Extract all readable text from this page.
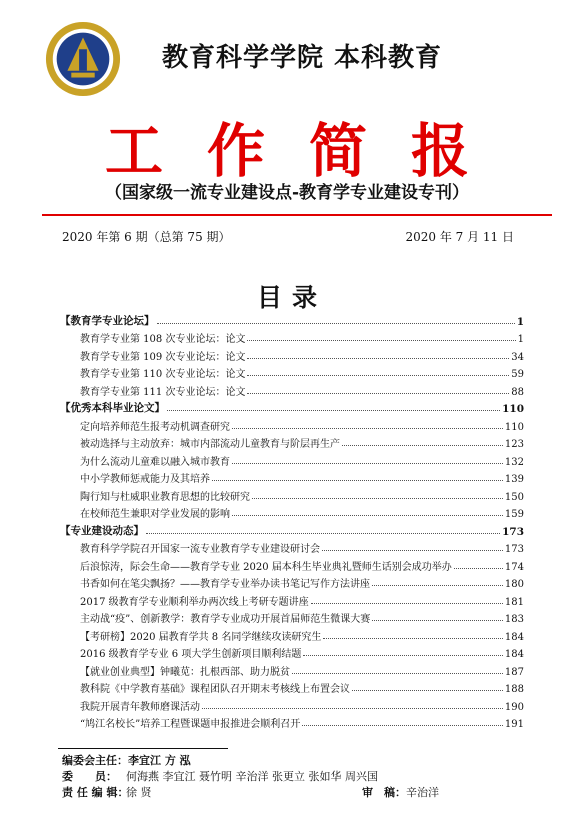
教育科学学院 本科教育
工作简报
（国家级一流专业建设点-教育学专业建设专刊）
2020 年第 6 期（总第 75 期）	2020 年 7 月 11 日
目录
【教育学专业论坛】	1
教育学专业第 108 次专业论坛：论文	1
教育学专业第 109 次专业论坛：论文	34
教育学专业第 110 次专业论坛：论文	59
教育学专业第 111 次专业论坛：论文	88
【优秀本科毕业论文】	110
定向培养师范生报考动机调查研究	110
被动选择与主动放弃：城市内部流动儿童教育与阶层再生产	123
为什么流动儿童难以融入城市教育	132
中小学教师惩戒能力及其培养	139
陶行知与杜威职业教育思想的比较研究	150
在校师范生兼职对学业发展的影响	159
【专业建设动态】	173
教育科学学院召开国家一流专业教育学专业建设研讨会	173
后浪惊涛，际会生命——教育学专业 2020 届本科生毕业典礼暨师生话别会成功举办	174
书香如何在笔尖飘扬？——教育学专业举办读书笔记写作方法讲座	180
2017 级教育学专业顺利举办两次线上考研专题讲座	181
主动战“疫”、创新教学：教育学专业成功开展首届师范生微课大赛	183
【考研榜】2020 届教育学共 8 名同学继续攻读研究生	184
2016 级教育学专业 6 项大学生创新项目顺利结题	184
【就业创业典型】钟曦苋：扎根西部、助力脱贫	187
教科院《中学教育基础》课程团队召开期末考核线上布置会议	188
我院开展青年教师磨课活动	190
“鸠江名校长”培养工程暨课题申报推进会顺利召开	191
编委会主任：李宜江 方 泓
委　　员： 何海燕 李宜江 聂竹明 辛治洋 张更立 张如华 周兴国
责 任 编 辑：徐 贤	审　稿：辛治洋
